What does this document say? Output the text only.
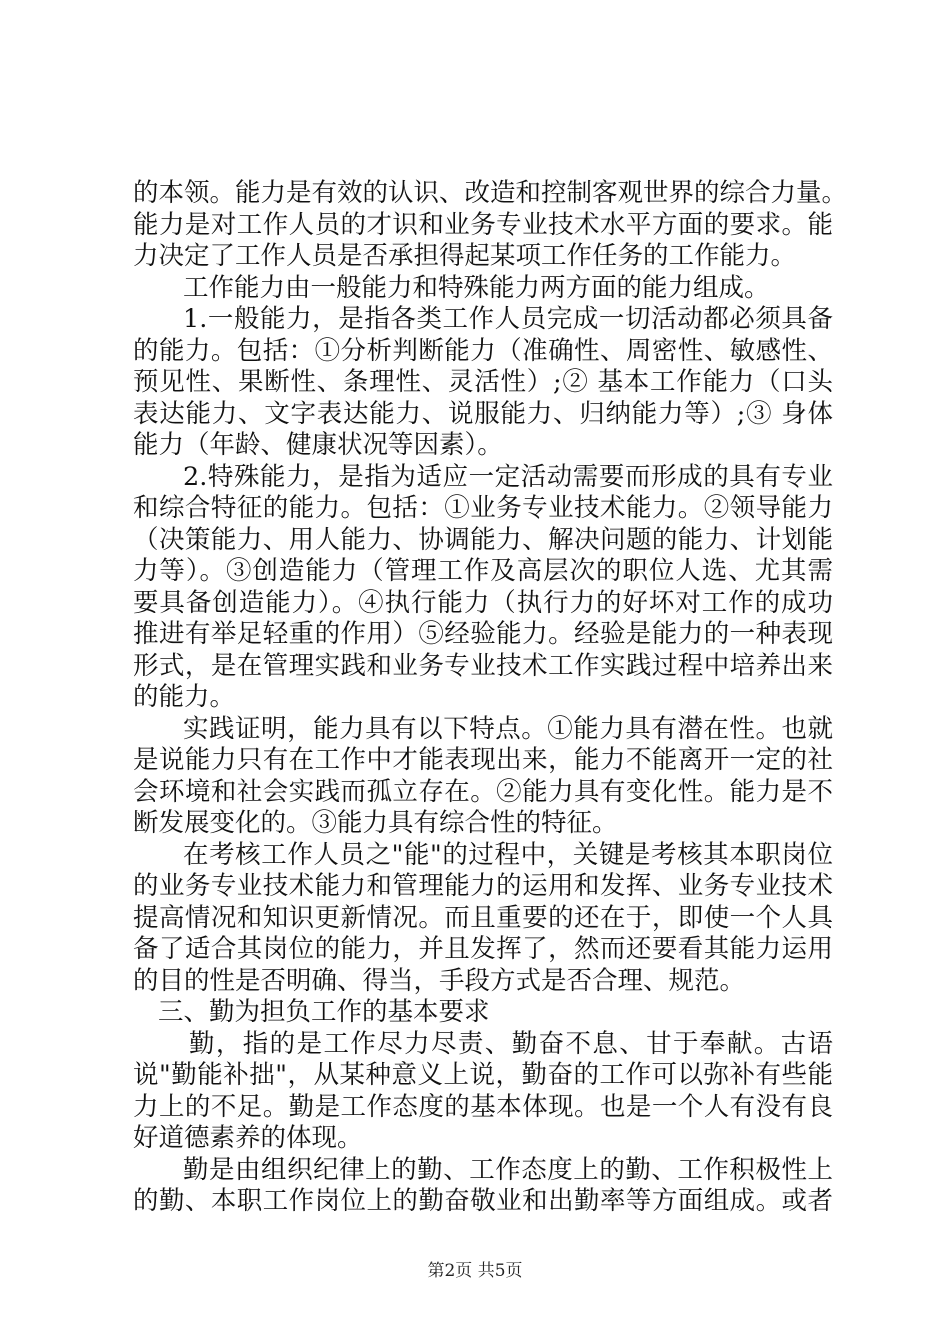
的本领。能力是有效的认识、改造和控制客观世界的综合力量。
能力是对工作人员的才识和业务专业技术水平方面的要求。能
力决定了工作人员是否承担得起某项工作任务的工作能力。
工作能力由一般能力和特殊能力两方面的能力组成。
1.一般能力，是指各类工作人员完成一切活动都必须具备
的能力。包括：①分析判断能力（准确性、周密性、敏感性、
预见性、果断性、条理性、灵活性）;② 基本工作能力（口头
表达能力、文字表达能力、说服能力、归纳能力等）;③ 身体
能力（年龄、健康状况等因素）。
2.特殊能力，是指为适应一定活动需要而形成的具有专业
和综合特征的能力。包括：①业务专业技术能力。②领导能力
（决策能力、用人能力、协调能力、解决问题的能力、计划能
力等）。③创造能力（管理工作及高层次的职位人选、尤其需
要具备创造能力）。④执行能力（执行力的好坏对工作的成功
推进有举足轻重的作用）⑤经验能力。经验是能力的一种表现
形式，是在管理实践和业务专业技术工作实践过程中培养出来
的能力。
实践证明，能力具有以下特点。①能力具有潜在性。也就
是说能力只有在工作中才能表现出来，能力不能离开一定的社
会环境和社会实践而孤立存在。②能力具有变化性。能力是不
断发展变化的。③能力具有综合性的特征。
在考核工作人员之"能"的过程中，关键是考核其本职岗位
的业务专业技术能力和管理能力的运用和发挥、业务专业技术
提高情况和知识更新情况。而且重要的还在于，即使一个人具
备了适合其岗位的能力，并且发挥了，然而还要看其能力运用
的目的性是否明确、得当，手段方式是否合理、规范。
三、勤为担负工作的基本要求
勤，指的是工作尽力尽责、勤奋不息、甘于奉献。古语
说"勤能补拙"，从某种意义上说，勤奋的工作可以弥补有些能
力上的不足。勤是工作态度的基本体现。也是一个人有没有良
好道德素养的体现。
勤是由组织纪律上的勤、工作态度上的勤、工作积极性上
的勤、本职工作岗位上的勤奋敬业和出勤率等方面组成。或者
第2页 共5页
